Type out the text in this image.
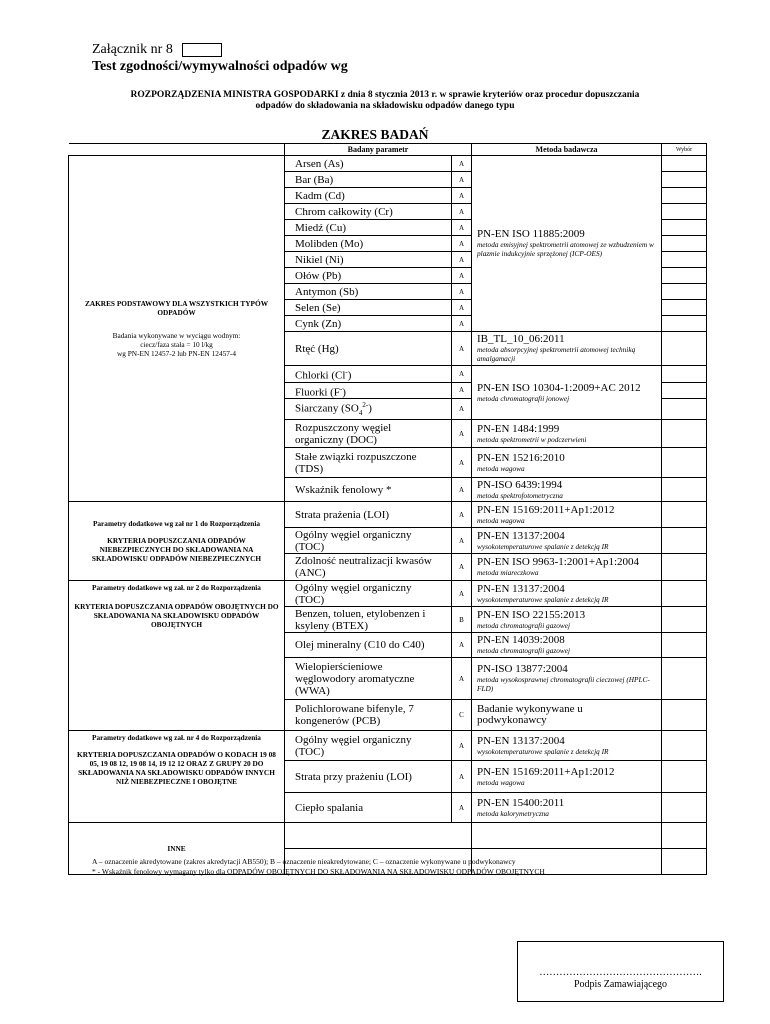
Załącznik nr 8
Test zgodności/wymywalności odpadów wg
ROZPORZĄDZENIA MINISTRA GOSPODARKI z dnia 8 stycznia 2013 r. w sprawie kryteriów oraz procedur dopuszczania
odpadów do składowania na składowisku odpadów danego typu
ZAKRES BADAŃ
	Badany parametr		Metoda badawcza	Wybór

ZAKRES PODSTAWOWY DLA WSZYSTKICH TYPÓW ODPADÓW
Badania wykonywane w wyciągu wodnym:
ciecz/faza stała = 10 l/kg
wg PN-EN 12457-2 lub PN-EN 12457-4	Arsen (As)	A	PN-EN ISO 11885:2009
metoda emisyjnej spektrometrii atomowej ze wzbudzeniem w plazmie indukcyjnie sprzężonej (ICP-OES)	

	Bar (Ba)	A		
	Kadm (Cd)	A		
	Chrom całkowity (Cr)	A		
	Miedź (Cu)	A		
	Molibden (Mo)	A		
	Nikiel (Ni)	A		
	Ołów (Pb)	A		
	Antymon (Sb)	A		
	Selen (Se)	A		
	Cynk (Zn)	A		
	Rtęć (Hg)	A	IB_TL_10_06:2011
metoda absorpcyjnej spektrometrii atomowej techniką amalgamacji	

	Chlorki (Cl-)	A	PN-EN ISO 10304-1:2009+AC 2012
metoda chromatografii jonowej	

	Fluorki (F-)	A		
	Siarczany $(SO_4^{2-})$	A		

	Rozpuszczony węgiel
organiczny (DOC)	A	PN-EN 1484:1999
metoda spektrometrii w podczerwieni	

	Stałe związki rozpuszczone
(TDS)	A	PN-EN 15216:2010
metoda wagowa	

	Wskaźnik fenolowy *	A	PN-ISO 6439:1994
metoda spektrofotometryczna	

Parametry dodatkowe wg zał nr 1 do Rozporządzenia
KRYTERIA DOPUSZCZANIA ODPADÓW NIEBEZPIECZNYCH DO SKŁADOWANIA NA SKŁADOWISKU ODPADÓW NIEBEZPIECZNYCH	Strata prażenia (LOI)	A	PN-EN 15169:2011+Ap1:2012
metoda wagowa	

	Ogólny węgiel organiczny
(TOC)	A	PN-EN 13137:2004
wysokotemperaturowe spalanie z detekcją IR	

	Zdolność neutralizacji kwasów
(ANC)	A	PN-EN ISO 9963-1:2001+Ap1:2004
metoda miareczkowa	

Parametry dodatkowe wg zał. nr 2 do Rozporządzenia
KRYTERIA DOPUSZCZANIA ODPADÓW OBOJĘTNYCH DO SKŁADOWANIA NA SKŁADOWISKU ODPADÓW OBOJĘTNYCH	Ogólny węgiel organiczny
(TOC)	A	PN-EN 13137:2004
wysokotemperaturowe spalanie z detekcją IR	

	Benzen, toluen, etylobenzen i
ksyleny (BTEX)	B	PN-EN ISO 22155:2013
metoda chromatografii gazowej	

	Olej mineralny (C10 do C40)	A	PN-EN 14039:2008
metoda chromatografii gazowej	

	Wielopierścieniowe
węglowodory aromatyczne
(WWA)	A	PN-ISO 13877:2004
metoda wysokosprawnej chromatografii cieczowej (HPLC-FLD)	

	Polichlorowane bifenyle, 7
kongenerów (PCB)	C	Badanie wykonywane u
podwykonawcy	

Parametry dodatkowe wg zał. nr 4 do Rozporządzenia
KRYTERIA DOPUSZCZANIA ODPADÓW O KODACH 19 08 05, 19 08 12, 19 08 14, 19 12 12 ORAZ Z GRUPY 20 DO SKŁADOWANIA NA SKŁADOWISKU ODPADÓW INNYCH NIŻ NIEBEZPIECZNE I OBOJĘTNE	Ogólny węgiel organiczny
(TOC)	A	PN-EN 13137:2004
wysokotemperaturowe spalanie z detekcją IR	

	Strata przy prażeniu (LOI)	A	PN-EN 15169:2011+Ap1:2012
metoda wagowa	

	Ciepło spalania	A	PN-EN 15400:2011
metoda kalorymetryczna	

INNE				

A – oznaczenie akredytowane (zakres akredytacji AB550); B – oznaczenie nieakredytowane; C – oznaczenie wykonywane u podwykonawcy
* - Wskaźnik fenolowy wymagany tylko dla ODPADÓW OBOJĘTNYCH DO SKŁADOWANIA NA SKŁADOWISKU ODPADÓW OBOJĘTNYCH
………………………………………….
Podpis Zamawiającego
